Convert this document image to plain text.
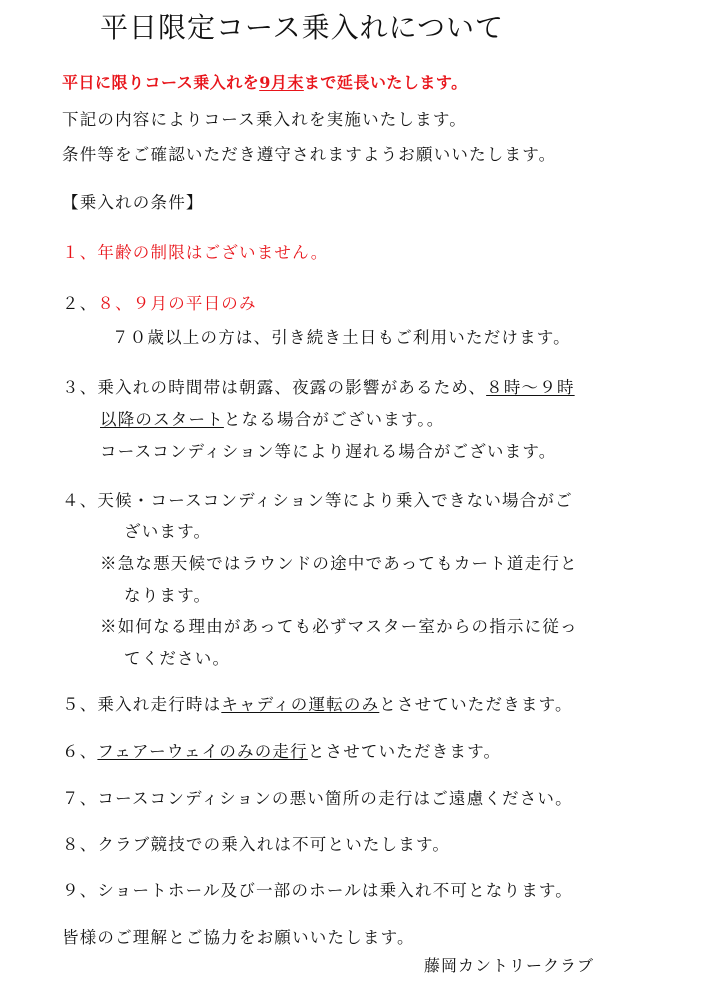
平日限定コース乗入れについて
平日に限りコース乗入れを9月末まで延長いたします。
下記の内容によりコース乗入れを実施いたします。
条件等をご確認いただき遵守されますようお願いいたします。
【乗入れの条件】
１、年齢の制限はございません。
２、８、９月の平日のみ
７０歳以上の方は、引き続き土日もご利用いただけます。
３、乗入れの時間帯は朝露、夜露の影響があるため、８時～９時
以降のスタートとなる場合がございます。。
コースコンディション等により遅れる場合がございます。
４、天候・コースコンディション等により乗入できない場合がご
ざいます。
※急な悪天候ではラウンドの途中であってもカート道走行と
なります。
※如何なる理由があっても必ずマスター室からの指示に従っ
てください。
５、乗入れ走行時はキャディの運転のみとさせていただきます。
６、フェアーウェイのみの走行とさせていただきます。
７、コースコンディションの悪い箇所の走行はご遠慮ください。
８、クラブ競技での乗入れは不可といたします。
９、ショートホール及び一部のホールは乗入れ不可となります。
皆様のご理解とご協力をお願いいたします。
藤岡カントリークラブ
